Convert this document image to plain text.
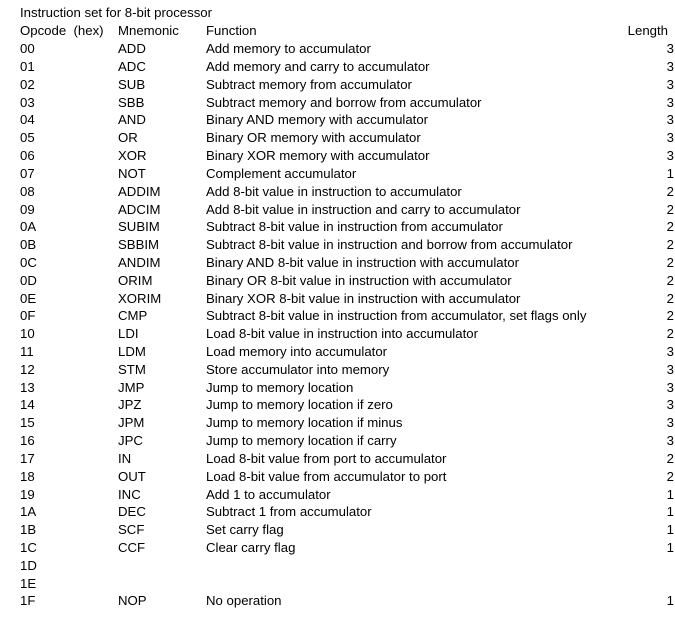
Instruction set for 8-bit processor
Opcode  (hex)	Mnemonic	Function	Length
00	ADD	Add memory to accumulator	3
01	ADC	Add memory and carry to accumulator	3
02	SUB	Subtract memory from accumulator	3
03	SBB	Subtract memory and borrow from accumulator	3
04	AND	Binary AND memory with accumulator	3
05	OR	Binary OR memory with accumulator	3
06	XOR	Binary XOR memory with accumulator	3
07	NOT	Complement accumulator	1
08	ADDIM	Add 8-bit value in instruction to accumulator	2
09	ADCIM	Add 8-bit value in instruction and carry to accumulator	2
0A	SUBIM	Subtract 8-bit value in instruction from accumulator	2
0B	SBBIM	Subtract 8-bit value in instruction and borrow from accumulator	2
0C	ANDIM	Binary AND 8-bit value in instruction with accumulator	2
0D	ORIM	Binary OR 8-bit value in instruction with accumulator	2
0E	XORIM	Binary XOR 8-bit value in instruction with accumulator	2
0F	CMP	Subtract 8-bit value in instruction from accumulator, set flags only	2
10	LDI	Load 8-bit value in instruction into accumulator	2
11	LDM	Load memory into accumulator	3
12	STM	Store accumulator into memory	3
13	JMP	Jump to memory location	3
14	JPZ	Jump to memory location if zero	3
15	JPM	Jump to memory location if minus	3
16	JPC	Jump to memory location if carry	3
17	IN	Load 8-bit value from port to accumulator	2
18	OUT	Load 8-bit value from accumulator to port	2
19	INC	Add 1 to accumulator	1
1A	DEC	Subtract 1 from accumulator	1
1B	SCF	Set carry flag	1
1C	CCF	Clear carry flag	1
1D			
1E			
1F	NOP	No operation	1
